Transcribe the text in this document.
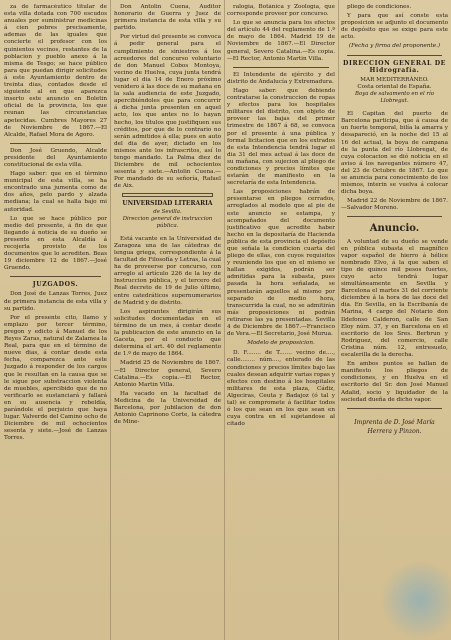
za de farmacéutico titular de esta villa dotada con 700 escudos anuales por suministrar medicinas á cien pobres precisamente, ademas de las iguales que concierte el profesor con los quinientos vecinos, restantes de la poblacion y pueblo anexo á la misma de Tesgo; se hace público para que puedan dirigir solicitudes á este Ayuntamiento dentro de treinta dias, contados desde el siguiente al en que aparezca inserto este anuncio en Boletin oficial de la provincia, los que reunan las circunstancias apetecidas. Cumbres Mayores 27 de Noviembre de 1867.—El Alcalde, Rafael Mora de Agoro.

Don José Gruendo, Alcalde presidente del Ayuntamiento constitucional de esta villa.

Hago saber: que en el término municipal de esta villa, se ha encontrado una jumenta como de dos años, pelo pardo y alzada mediana; la cual se halla bajo mi autoridad.

Lo que se hace público por medio del presente, á fin de que llegando á noticia de su dueño se presente en esta Alcaldía á recojerla provisto de los documentos que lo acrediten. Beas 19 diciembre 12 de 1867.—José Gruendo.

JUZGADOS.

Don José de Lanzas Torres, Juez de primera instancia de esta villa y su partido.

Por el presente cito, llamo y emplazo por tercer término, pregon y edicto á Manuel de los Reyes Zaras, natural de Zalamea la Real, para que en el término de nueve dias, á contar desde esta fecha, comparezca ante este Juzgado á responder de los cargos que le resultan en la causa que se le sigue por substraccion violenta de muebles, apercibido que de no verificarlo se sustanciará y fallará en su ausencia y rebeldía, parándole el perjuicio que haya lugar. Valverde del Camino ocho de Diciembre de mil ochocientos sesenta y siete.—José de Lanzas Torres.

Don Antolin Cuena, Auditor honorario de Guerra y Juez de primera instancia de esta villa y su partido.

Por virtud del presente se convoca á pedir general para el cumplimiento de siniestros á los acreedores del concurso voluntario de don Manuel Cobos Montoya, vecino de Huelva, cuya junta tendrá lugar el dia 14 de Enero próximo venidero á las doce de su mañana en la sala audiencia de este Juzgado, apercibiéndoles que para concurrir á dicha junta presenten en aquel acto, los que antes no lo hayan hecho, los títulos que justifiquen sus créditos, por que de lo contrario no serán admitidos á ella; pues en auto del dia de ayer, dictado en los mismos ante los infrascritos, así lo tengo mandado. La Palma diez de Diciembre de mil ochocientos sesenta y siete.—Antolin Cuena.—Por mandado de su señoría, Rafael de Aix.

UNIVERSIDAD LITERARIA
de Sevilla.
Direccion general de instruccion pública.

Está vacante en la Universidad de Zaragoza una de las cátedras de lengua griega, correspondiente á la facultad de Filosofía y Letras, la cual ha de proveerse por concurso, con arreglo al artículo 226 de la ley de Instruccion pública, y el tercero del Real decreto de 19 de Julio último, entre catedráticos supernumerarios de Madrid y de distrito.

Los aspirantes dirigirán sus solicitudes documentadas en el término de un mes, á contar desde la publicacion de este anuncio en la Gaceta, por el conducto que determina el art. 40 del reglamento de 1.º de mayo de 1864.

Madrid 25 de Noviembre de 1867.—El Director general, Severo Catalina.—Es copia.—El Rector, Antonio Martin Villa.

Ha vacado en la facultad de Medicina de la Universidad de Barcelona, por jubilacion de don Antonio Caprinono Corte, la cátedra de Mine-

ralogía, Botánica y Zoología, que corresponde proveer por concurso.

Lo que se anuncia para los efectos del artículo 44 del reglamento de 1.º de mayo de 1864. Madrid 19 de Noviembre de 1867.—El Director general, Severo Catalina.—Es copia.—El Rector, Antonio Martin Villa.

El Intendente de ejército y del distrito de Andalucía y Extremadura.

Hago saber: que debiendo contratarse la construccion de ropas y efectos para los hospitales militares del distrito, con objeto de proveer las bajas del primer trimestre de 1867 á 68, se convoca por el presente á una pública y formal licitacion que en los extrados de esta Intendencia tendrá lugar el dia 31 del mes actual á las doce de su mañana, con sujecion al pliego de condiciones y precios límites que estarán de manifiesto en la secretaría de esta Intendencia.

Las proposiciones habrán de presentarse en pliegos cerrados, arreglados al modelo que al pie de este anuncio se estampa, y acompañados del documento justificativo que acredite haber hecho en la depositaría de Hacienda pública de esta provincia el depósito que señala la condicion cuarta del pliego de ellas, con cuyos requisitos y reuniendo los que en el mismo se hallan exigidos, podrán ser admitidas para la subasta, pues pasada la hora señalada, se presentarán aquellos al mismo por separado de medio hora, transcurrida la cual, no se admitirán más proposiciones ni podrán retirarse las ya presentadas. Sevilla 4 de Diciembre de 1867.—Francisco de Vera.—El Secretario, José Murua.

Modelo de proposicion.

D. F........ de T....... vecino de...., calle........ núm...., enterado de las condiciones y precios límites bajo las cuales desean adquirir varias ropas y efectos con destino á los hospitales militares de esta plaza, Cádiz, Algeciras, Ceuta y Badajoz (ó tal y tal) se compromete á facilitar todos ó los que sean en los que sean en cuya contra en el sujetandose al citado

pliego de condiciones.

Y para que así conste esta proposicion se adjunto el documento de depósito que se exige para este acto.

(Fecha y firma del proponente.)
DIRECCION GENERAL DE Hidrografía.
MAR MEDITERRÁNEO.
Costa oriental de España.
Boya de salvamento en el río Llobregat.

El Capitan del puerto de Barcelona participa, que á causa de un fuerte temporal, bilía la amarra y desapareció, en la noche del 15 al 16 del actual, la boya de campana de la punta del río Llobregat, de cuya colocacion se dió noticia en el aviso á los navegantes número 47, del 23 de Octubre de 1867. Lo que se anuncia para conocimiento de los mismos, interin se vuelva á colocar dicha boya.

Madrid 22 de Noviembre de 1867.—Salvador Moreno.

Anuncio.

A voluntad de su dueño se vende en pública subasta el magnífico vapor español de hierro á hélice nombrado Elvo, á la que saben el tipo de quince mil pesos fuertes, cuyo acto tendrá lugar simultáneamente en Sevilla y Barcelona el martes 31 del corriente diciembre á la hora de las doce del dia. En Sevilla, en la Escribanía de Marina, 4 cargo del Notario don Ildefonso Calderon, calle de San Eloy núm. 37, y en Barcelona en el escritorio de los Sres. Berbrun y Rodriguez, del comercio, calle Cristina núm. 12, entresuelo, escalerilla de la derecha.

En ambos puntos se hallan de manifiesto los pliegos de condiciones, y en Huelva en el escritorio del Sr. don José Manuel Adalid, socio y liquidador de la sociedad dueña de dicho vapor.

Imprenta de D. José María
Herrera y Pinzon.
